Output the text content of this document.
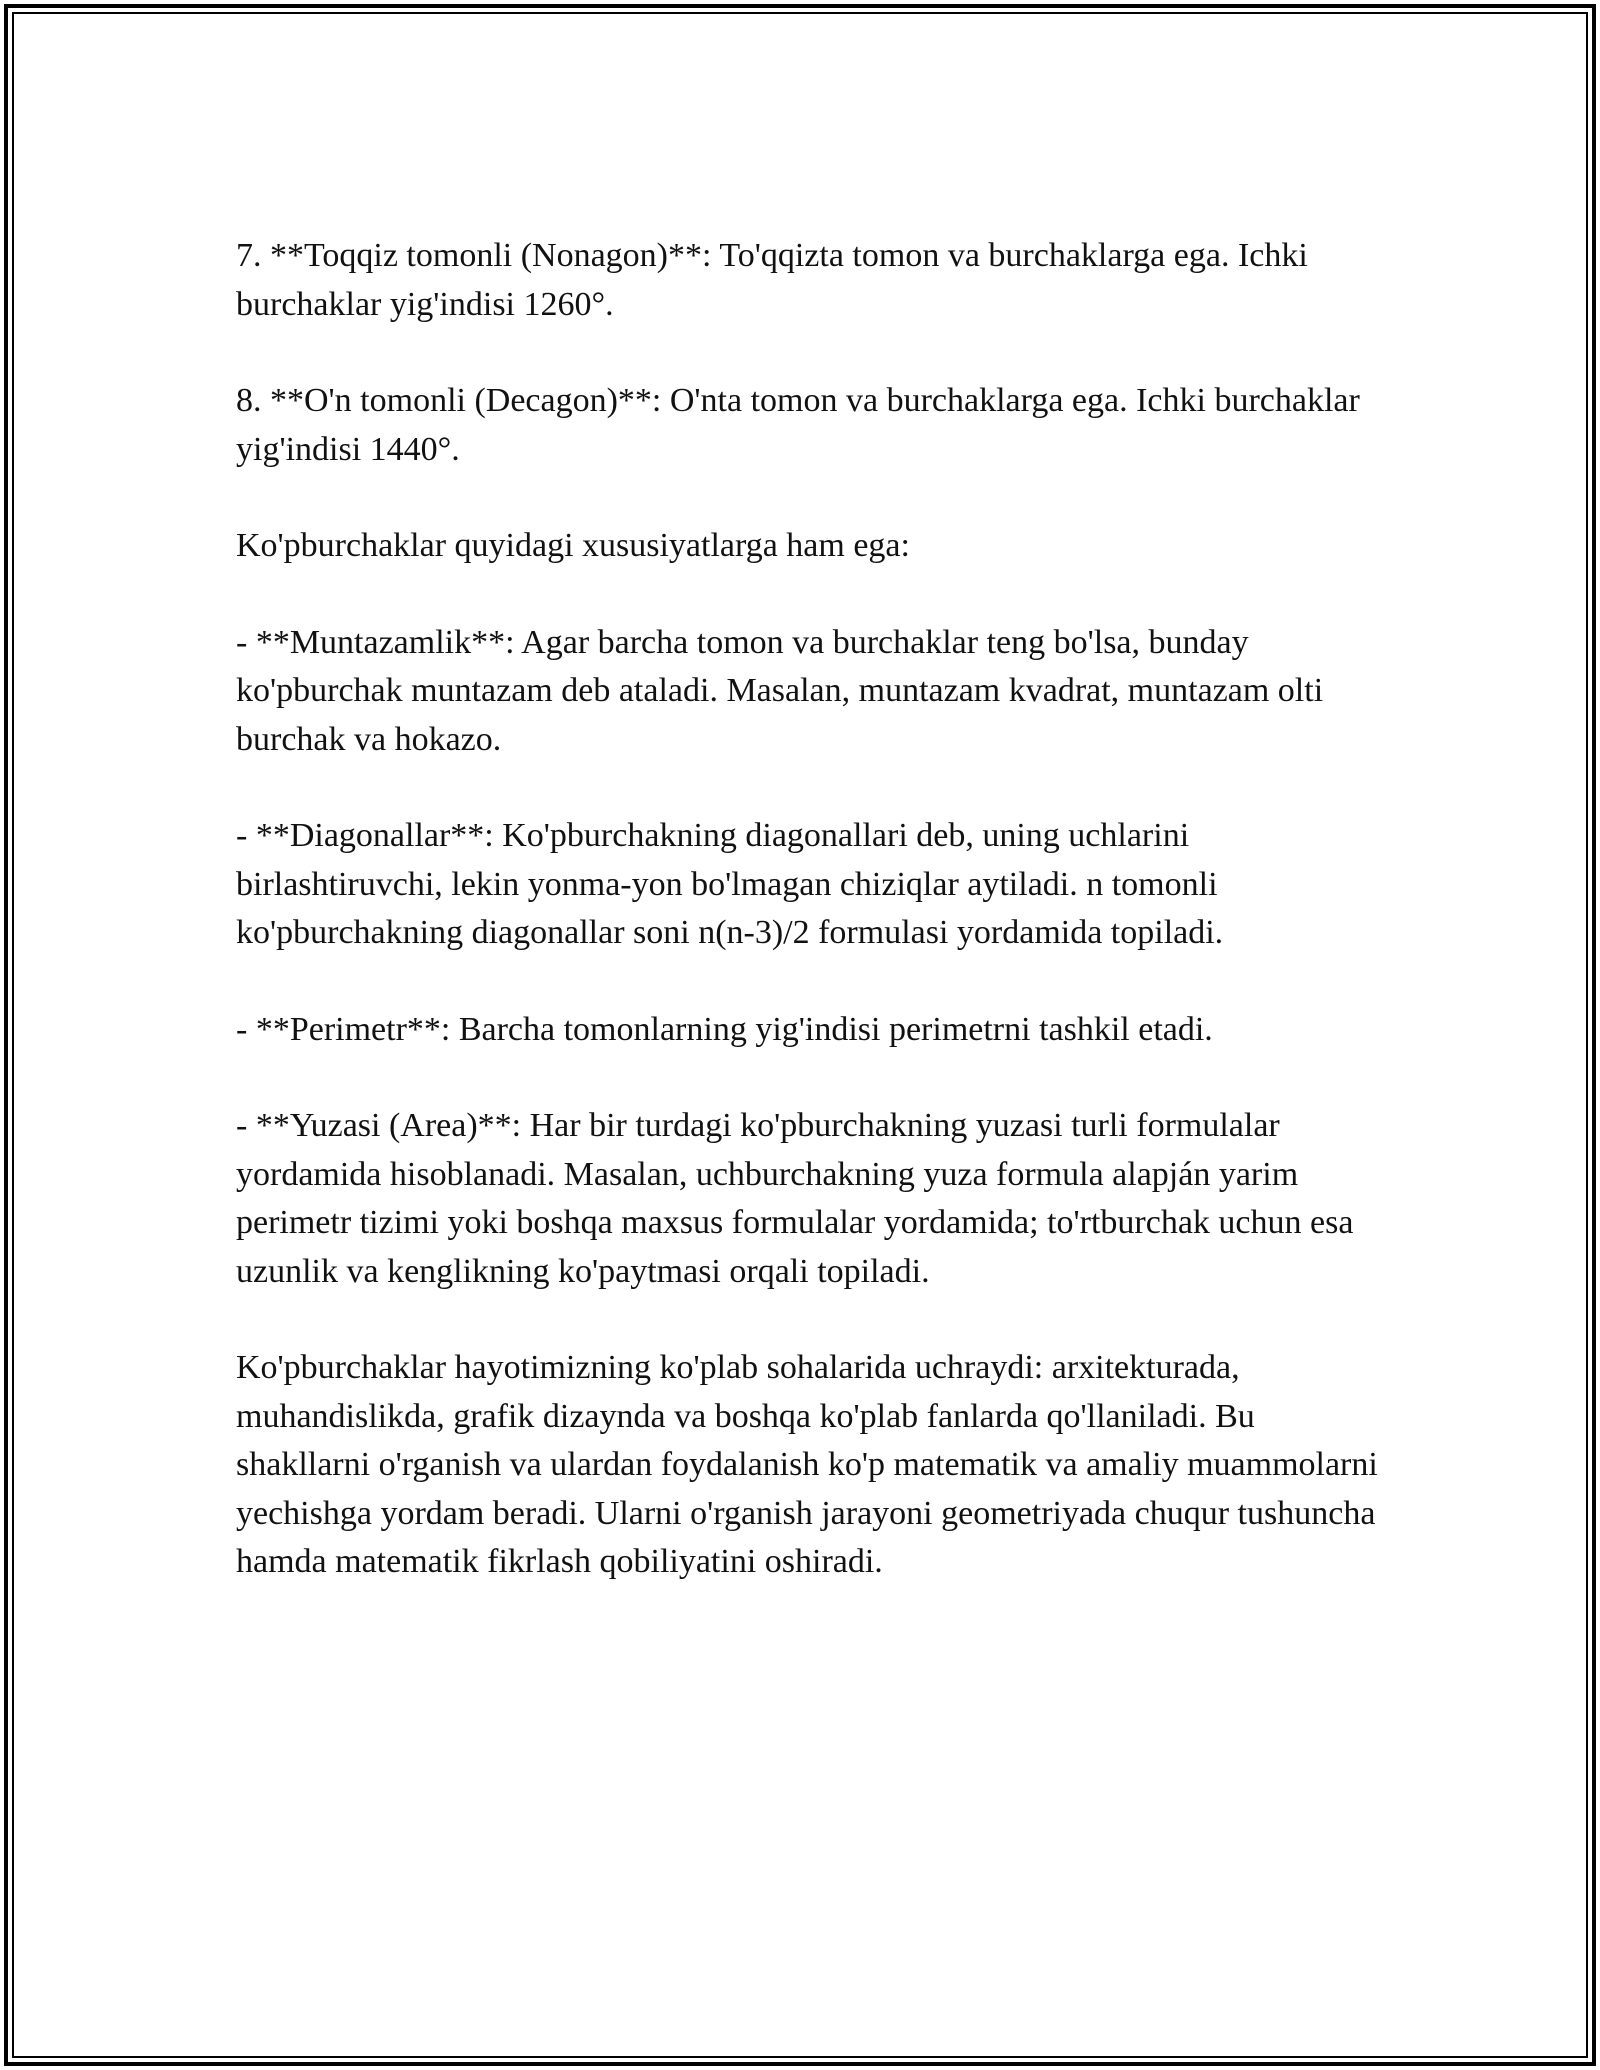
7. **Toqqiz tomonli (Nonagon)**: To'qqizta tomon va burchaklarga ega. Ichki burchaklar yig'indisi 1260°.

8. **O'n tomonli (Decagon)**: O'nta tomon va burchaklarga ega. Ichki burchaklar yig'indisi 1440°.

Ko'pburchaklar quyidagi xususiyatlarga ham ega:

- **Muntazamlik**: Agar barcha tomon va burchaklar teng bo'lsa, bunday ko'pburchak muntazam deb ataladi. Masalan, muntazam kvadrat, muntazam olti burchak va hokazo.

- **Diagonallar**: Ko'pburchakning diagonallari deb, uning uchlarini birlashtiruvchi, lekin yonma-yon bo'lmagan chiziqlar aytiladi. n tomonli ko'pburchakning diagonallar soni n(n-3)/2 formulasi yordamida topiladi.

- **Perimetr**: Barcha tomonlarning yig'indisi perimetrni tashkil etadi.

- **Yuzasi (Area)**: Har bir turdagi ko'pburchakning yuzasi turli formulalar yordamida hisoblanadi. Masalan, uchburchakning yuza formula alapján yarim perimetr tizimi yoki boshqa maxsus formulalar yordamida; to'rtburchak uchun esa uzunlik va kenglikning ko'paytmasi orqali topiladi.

Ko'pburchaklar hayotimizning ko'plab sohalarida uchraydi: arxitekturada, muhandislikda, grafik dizaynda va boshqa ko'plab fanlarda qo'llaniladi. Bu shakllarni o'rganish va ulardan foydalanish ko'p matematik va amaliy muammolarni yechishga yordam beradi. Ularni o'rganish jarayoni geometriyada chuqur tushuncha hamda matematik fikrlash qobiliyatini oshiradi.
